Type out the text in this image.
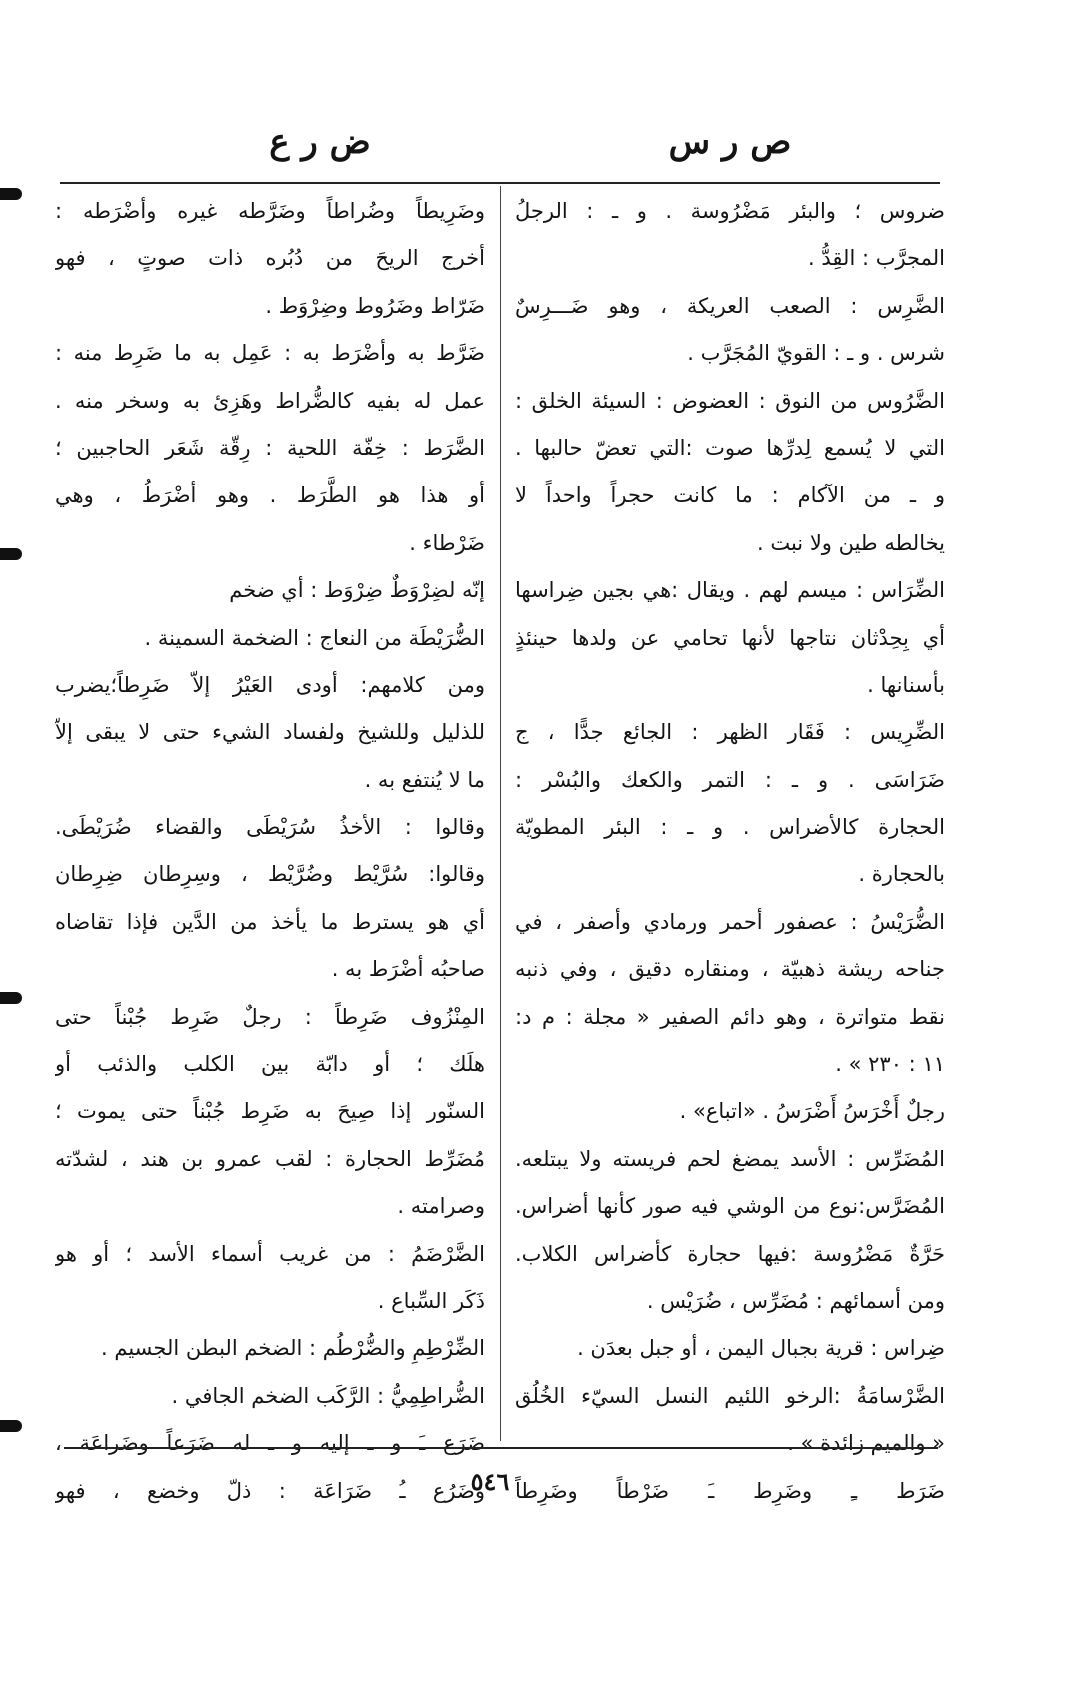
ص ر س
ض ر ع
ضروس ؛ والبئر مَضْرُوسة . و ـ : الرجلُ
المجرَّب : القِدُّ .
الضَّرِس : الصعب العريكة ، وهو ضَـــرِسٌ
شرس . و ـ : القويّ المُجَرَّب .
الضَّرُوس من النوق : العضوض : السيئة الخلق :
التي لا يُسمع لِدرِّها صوت :التي تعضّ حالبها .
و ـ من الآكام : ما كانت حجراً واحداً لا
يخالطه طين ولا نبت .
الضِّرَاس : ميسم لهم . ويقال :هي بجين ضِراسها
أي بِحِدْثان نتاجها لأنها تحامي عن ولدها حينئذٍ
بأسنانها .
الضِّرِيس : فَقَار الظهر : الجائع جدًّا ، ج
ضَرَاسَى . و ـ : التمر والكعك والبُسْر :
الحجارة كالأضراس . و ـ : البئر المطويّة
بالحجارة .
الضُّرَيْسُ : عصفور أحمر ورمادي وأصفر ، في
جناحه ريشة ذهبيّة ، ومنقاره دقيق ، وفي ذنبه
نقط متواترة ، وهو دائم الصفير « مجلة : م د:
١١ : ٢٣٠ » .
رجلٌ أَخْرَسُ أَضْرَسُ . «اتباع» .
المُضَرِّس : الأسد يمضغ لحم فريسته ولا يبتلعه.
المُضَرَّس:نوع من الوشي فيه صور كأنها أضراس.
حَرَّةٌ مَضْرُوسة :فيها حجارة كأضراس الكلاب.
ومن أسمائهم : مُضَرِّس ، ضُرَيْس .
ضِراس : قرية بجبال اليمن ، أو جبل بعدَن .
الضَّرْسامَةُ :الرخو اللئيم النسل السيّء الخُلُق
« والميم زائدة » .
ضَرَط ـِ وضَرِط ـَ ضَرْطاً وضَرِطاً
وضَرِيطاً وضُراطاً وضَرَّطه غيره وأضْرَطه :
أخرج الريحَ من دُبُره ذات صوتٍ ، فهو
ضَرّاط وضَرُوط وضِرْوَط .
ضَرَّط به وأضْرَط به : عَمِل به ما ضَرِط منه :
عمل له بفيه كالضُّراط وهَزِئ به وسخر منه .
الضَّرَط : خِفّة اللحية : رِقّة شَعَر الحاجبين ؛
أو هذا هو الطَّرَط . وهو أضْرَطُ ، وهي
ضَرْطاء .
إنّه لضِرْوَطٌ ضِرْوَط : أي ضخم
الضُّرَيْطَة من النعاج : الضخمة السمينة .
ومن كلامهم: أودى العَيْرُ إلاّ ضَرِطاً؛يضرب
للذليل وللشيخ ولفساد الشيء حتى لا يبقى إلاّ
ما لا يُنتفع به .
وقالوا : الأخذُ سُرَيْطَى والقضاء ضُرَيْطَى.
وقالوا: سُرَّيْط وضُرَّيْط ، وسِرِطان ضِرِطان
أي هو يسترط ما يأخذ من الدَّين فإذا تقاضاه
صاحبُه أضْرَط به .
المِنْزُوف ضَرِطاً : رجلٌ ضَرِط جُبْناً حتى
هلَك ؛ أو دابّة بين الكلب والذئب أو
السنّور إذا صِيحَ به ضَرِط جُبْناً حتى يموت ؛
مُضَرِّط الحجارة : لقب عمرو بن هند ، لشدّته
وصرامته .
الضَّرْضَمُ : من غريب أسماء الأسد ؛ أو هو
ذَكَر السِّباع .
الضِّرْطِمِ والضُّرْطُم : الضخم البطن الجسيم .
الضُّراطِمِيُّ : الرَّكَب الضخم الجافي .
ضَرَع ـَ و ـ إليه و ـ له ضَرَعاً وضَراعَة ،
وضَرُع ـُ ضَرَاعَة : ذلّ وخضع ، فهو
٥٤٦
